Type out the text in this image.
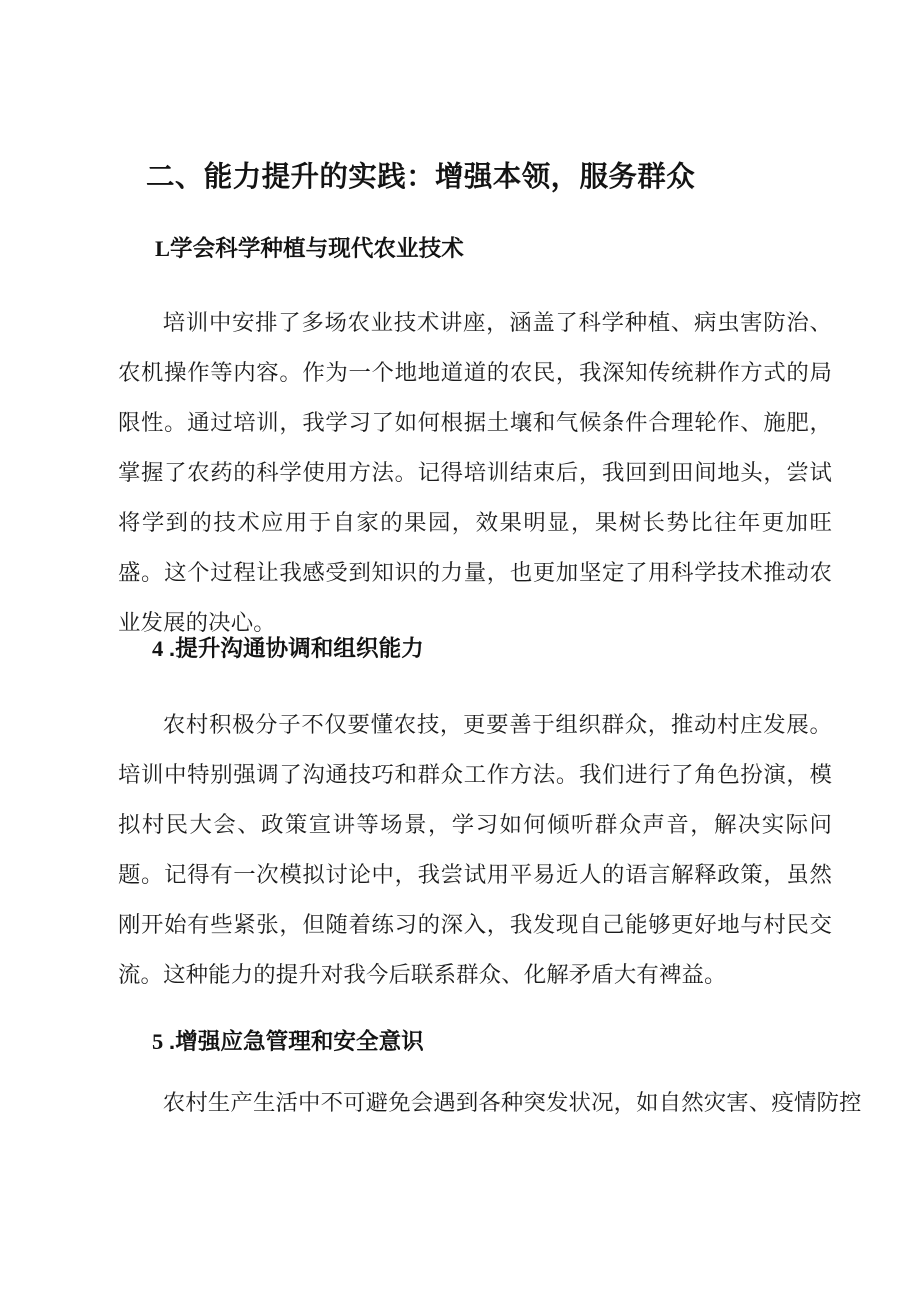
二、能力提升的实践：增强本领，服务群众
L学会科学种植与现代农业技术

培训中安排了多场农业技术讲座，涵盖了科学种植、病虫害防治、农机操作等内容。作为一个地地道道的农民，我深知传统耕作方式的局限性。通过培训，我学习了如何根据土壤和气候条件合理轮作、施肥，掌握了农药的科学使用方法。记得培训结束后，我回到田间地头，尝试将学到的技术应用于自家的果园，效果明显，果树长势比往年更加旺盛。这个过程让我感受到知识的力量，也更加坚定了用科学技术推动农业发展的决心。

4 .提升沟通协调和组织能力

农村积极分子不仅要懂农技，更要善于组织群众，推动村庄发展。培训中特别强调了沟通技巧和群众工作方法。我们进行了角色扮演，模拟村民大会、政策宣讲等场景，学习如何倾听群众声音，解决实际问题。记得有一次模拟讨论中，我尝试用平易近人的语言解释政策，虽然刚开始有些紧张，但随着练习的深入，我发现自己能够更好地与村民交流。这种能力的提升对我今后联系群众、化解矛盾大有裨益。

5 .增强应急管理和安全意识

农村生产生活中不可避免会遇到各种突发状况，如自然灾害、疫情防控
